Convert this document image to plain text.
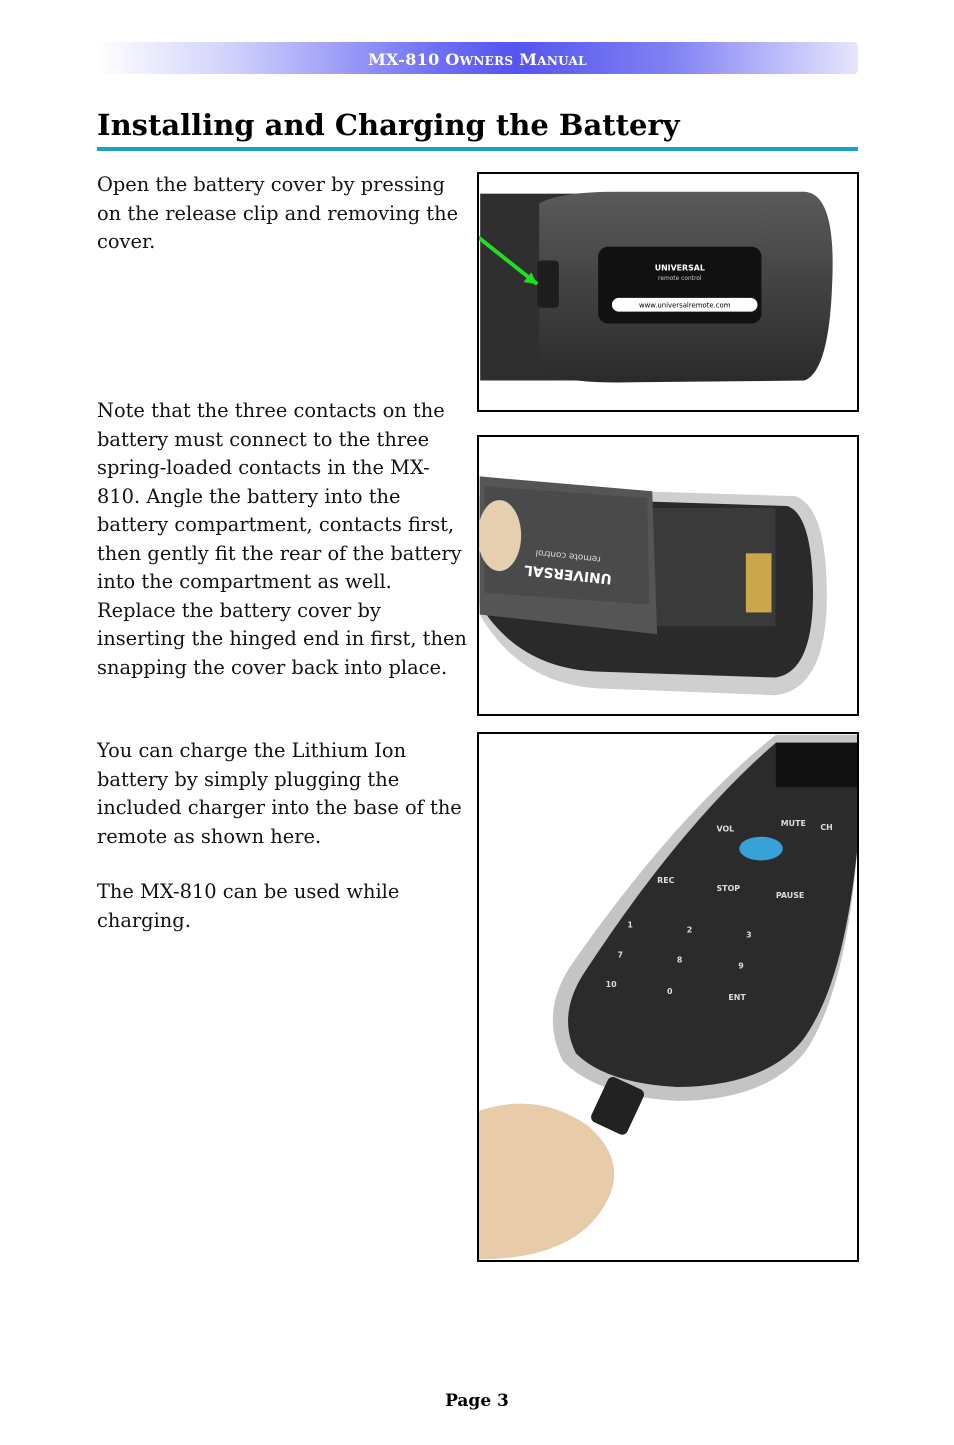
MX-810 OWNERS MANUAL
Installing and Charging the Battery

Open the battery cover by pressing on the release clip and removing the cover.

Note that the three contacts on the battery must connect to the three spring-loaded contacts in the MX-810. Angle the battery into the battery compartment, contacts first, then gently fit the rear of the battery into the compartment as well. Replace the battery cover by inserting the hinged end in first, then snapping the cover back into place.

You can charge the Lithium Ion battery by simply plugging the included charger into the base of the remote as shown here.

The MX-810 can be used while charging.

UNIVERSAL
remote control
www.universalremote.com
UNIVERSAL
remote control
VOL
MUTE CH
REC
STOP
PAUSE
1
2
3
7
8
9
10
0
ENT
Page 3
